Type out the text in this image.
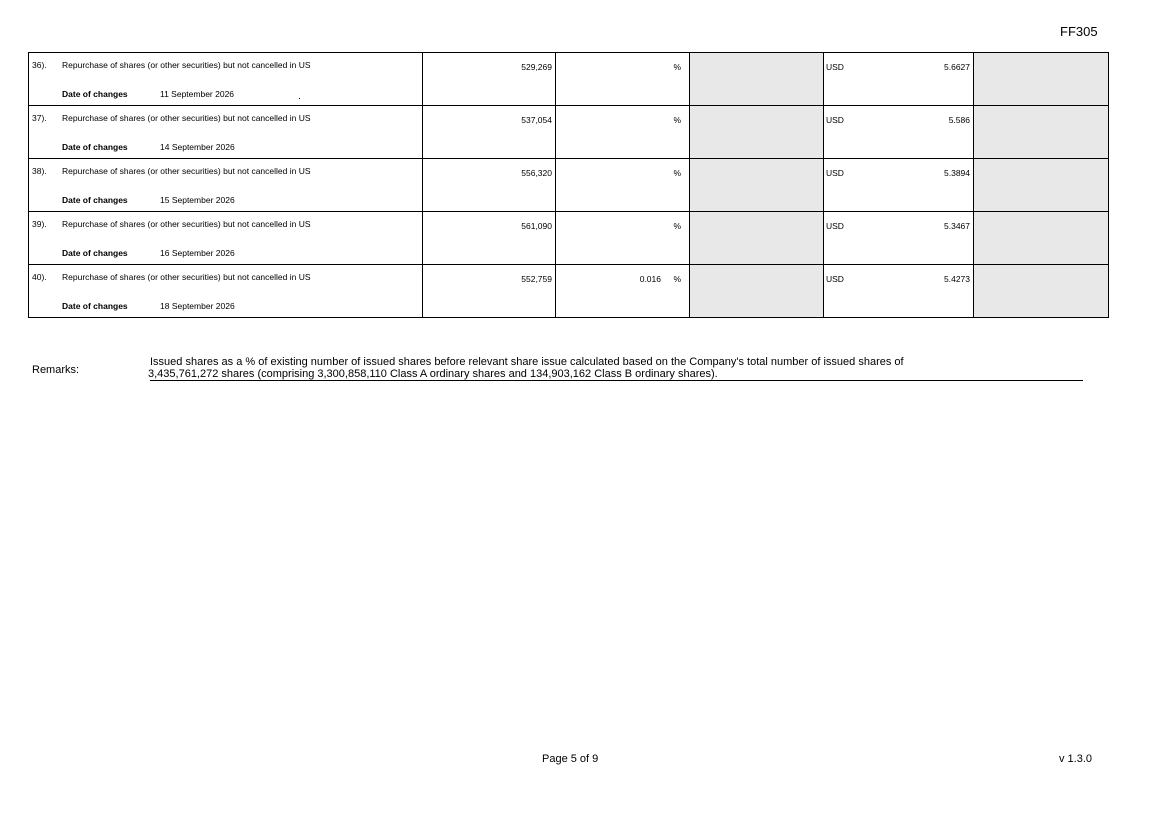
FF305
36). Repurchase of shares (or other securities) but not cancelled in US
Date of changes	11 September 2026
529,269	%	USD	5.6627
37). Repurchase of shares (or other securities) but not cancelled in US
Date of changes	14 September 2026
537,054	%	USD	5.586
38). Repurchase of shares (or other securities) but not cancelled in US
Date of changes	15 September 2026
556,320	%	USD	5.3894
39). Repurchase of shares (or other securities) but not cancelled in US
Date of changes	16 September 2026
561,090	%	USD	5.3467
40). Repurchase of shares (or other securities) but not cancelled in US
Date of changes	18 September 2026
552,759	0.016 %	USD	5.4273
Remarks:
Issued shares as a % of existing number of issued shares before relevant share issue calculated based on the Company's total number of issued shares of
3,435,761,272 shares (comprising 3,300,858,110 Class A ordinary shares and 134,903,162 Class B ordinary shares).
Page 5 of 9	v 1.3.0
